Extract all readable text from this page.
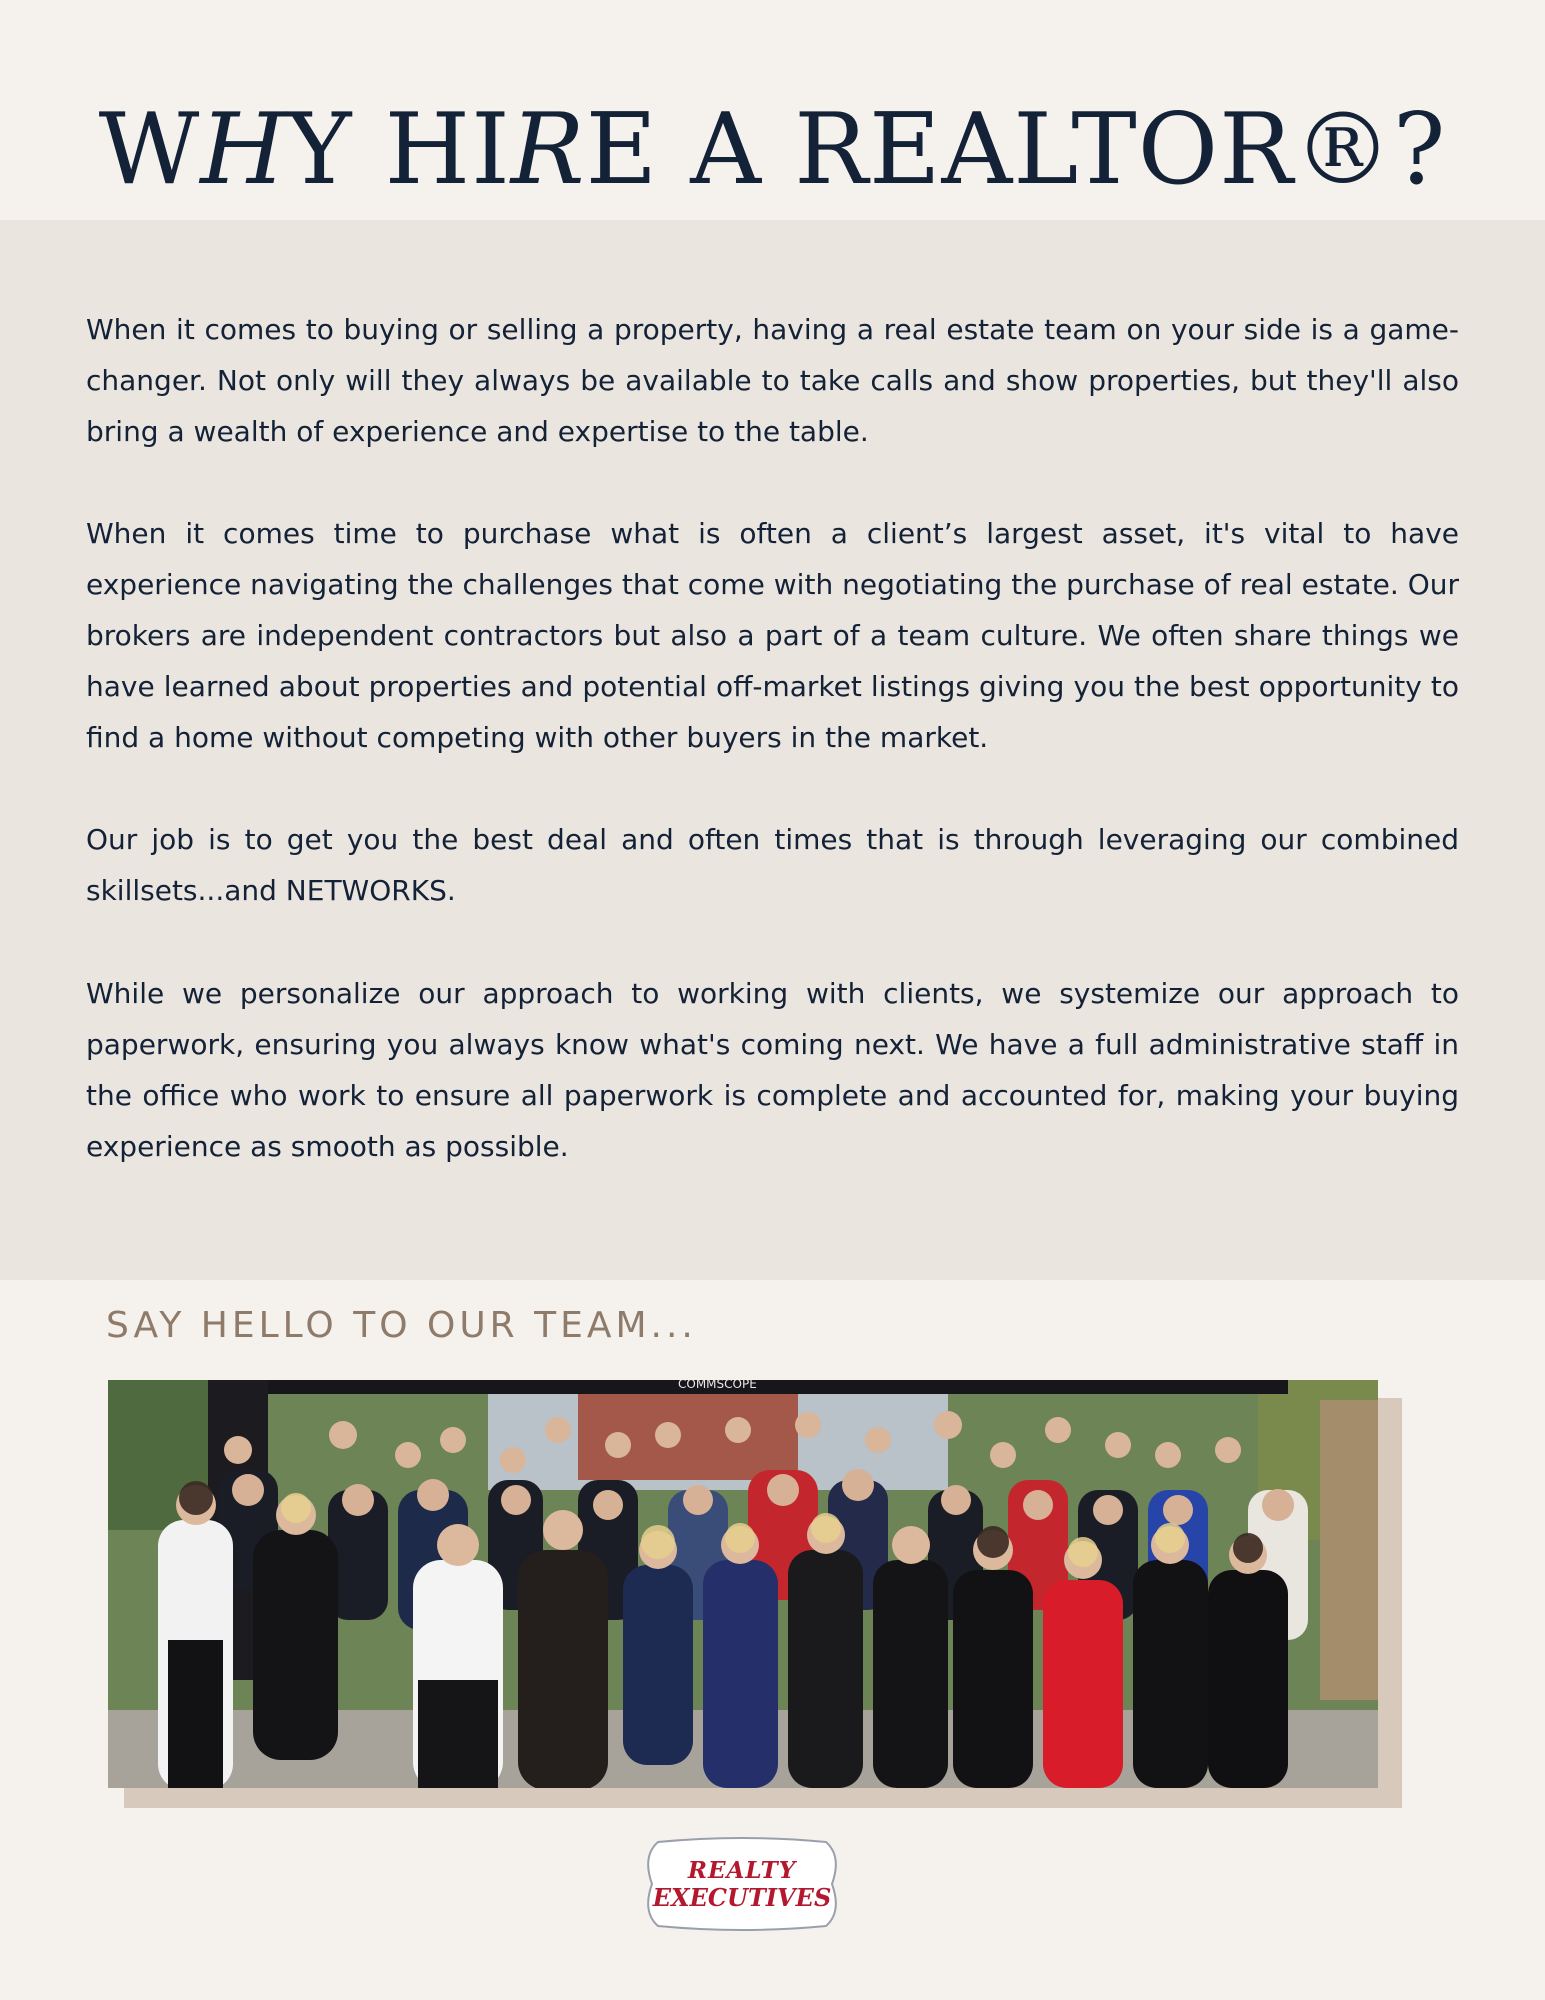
WHY HIRE A REALTOR®?

When it comes to buying or selling a property, having a real estate team on your side is a game-changer. Not only will they always be available to take calls and show properties, but they'll also bring a wealth of experience and expertise to the table.

When it comes time to purchase what is often a client’s largest asset, it's vital to have experience navigating the challenges that come with negotiating the purchase of real estate. Our brokers are independent contractors but also a part of a team culture. We often share things we have learned about properties and potential off-market listings giving you the best opportunity to find a home without competing with other buyers in the market.

Our job is to get you the best deal and often times that is through leveraging our combined skillsets...and NETWORKS.

While we personalize our approach to working with clients, we systemize our approach to paperwork, ensuring you always know what's coming next. We have a full administrative staff in the office who work to ensure all paperwork is complete and accounted for, making your buying experience as smooth as possible.

SAY HELLO TO OUR TEAM...
COMMSCOPE
REALTY
EXECUTIVES
